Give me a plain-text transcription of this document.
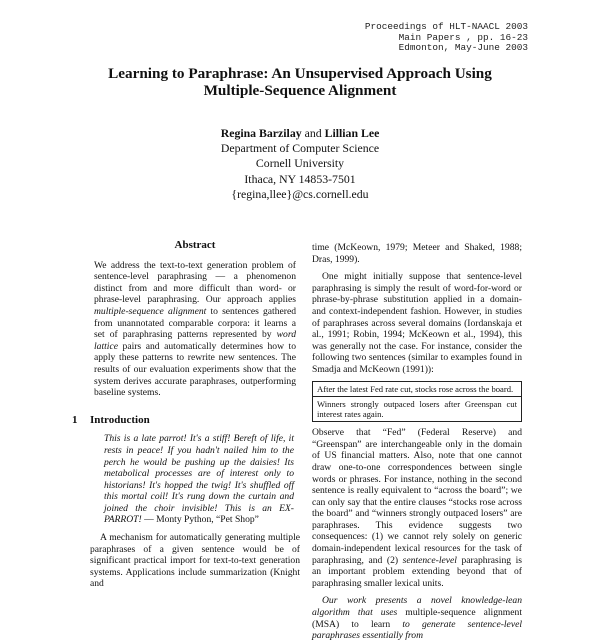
Proceedings of HLT-NAACL 2003
Main Papers , pp. 16-23
Edmonton, May-June 2003
Learning to Paraphrase: An Unsupervised Approach Using
Multiple-Sequence Alignment
Regina Barzilay and Lillian Lee
Department of Computer Science
Cornell University
Ithaca, NY 14853-7501
{regina,llee}@cs.cornell.edu
Abstract

We address the text-to-text generation problem of sentence-level paraphrasing — a phenomenon distinct from and more difficult than word- or phrase-level paraphrasing. Our approach applies multiple-sequence alignment to sentences gathered from unannotated comparable corpora: it learns a set of paraphrasing patterns represented by word lattice pairs and automatically determines how to apply these patterns to rewrite new sentences. The results of our evaluation experiments show that the system derives accurate paraphrases, outperforming baseline systems.

1 Introduction

This is a late parrot! It's a stiff! Bereft of life, it rests in peace! If you hadn't nailed him to the perch he would be pushing up the daisies! Its metabolical processes are of interest only to historians! It's hopped the twig! It's shuffled off this mortal coil! It's rung down the curtain and joined the choir invisible! This is an EX-PARROT! — Monty Python, “Pet Shop”

A mechanism for automatically generating multiple paraphrases of a given sentence would be of significant practical import for text-to-text generation systems. Applications include summarization (Knight and

time (McKeown, 1979; Meteer and Shaked, 1988; Dras, 1999).

One might initially suppose that sentence-level paraphrasing is simply the result of word-for-word or phrase-by-phrase substitution applied in a domain- and context-independent fashion. However, in studies of paraphrases across several domains (Iordanskaja et al., 1991; Robin, 1994; McKeown et al., 1994), this was generally not the case. For instance, consider the following two sentences (similar to examples found in Smadja and McKeown (1991)):

After the latest Fed rate cut, stocks rose across the board.
Winners strongly outpaced losers after Greenspan cut interest rates again.

Observe that “Fed” (Federal Reserve) and “Greenspan” are interchangeable only in the domain of US financial matters. Also, note that one cannot draw one-to-one correspondences between single words or phrases. For instance, nothing in the second sentence is really equivalent to “across the board”; we can only say that the entire clauses “stocks rose across the board” and “winners strongly outpaced losers” are paraphrases. This evidence suggests two consequences: (1) we cannot rely solely on generic domain-independent lexical resources for the task of paraphrasing, and (2) sentence-level paraphrasing is an important problem extending beyond that of paraphrasing smaller lexical units.

Our work presents a novel knowledge-lean algorithm that uses multiple-sequence alignment (MSA) to learn to generate sentence-level paraphrases essentially from
